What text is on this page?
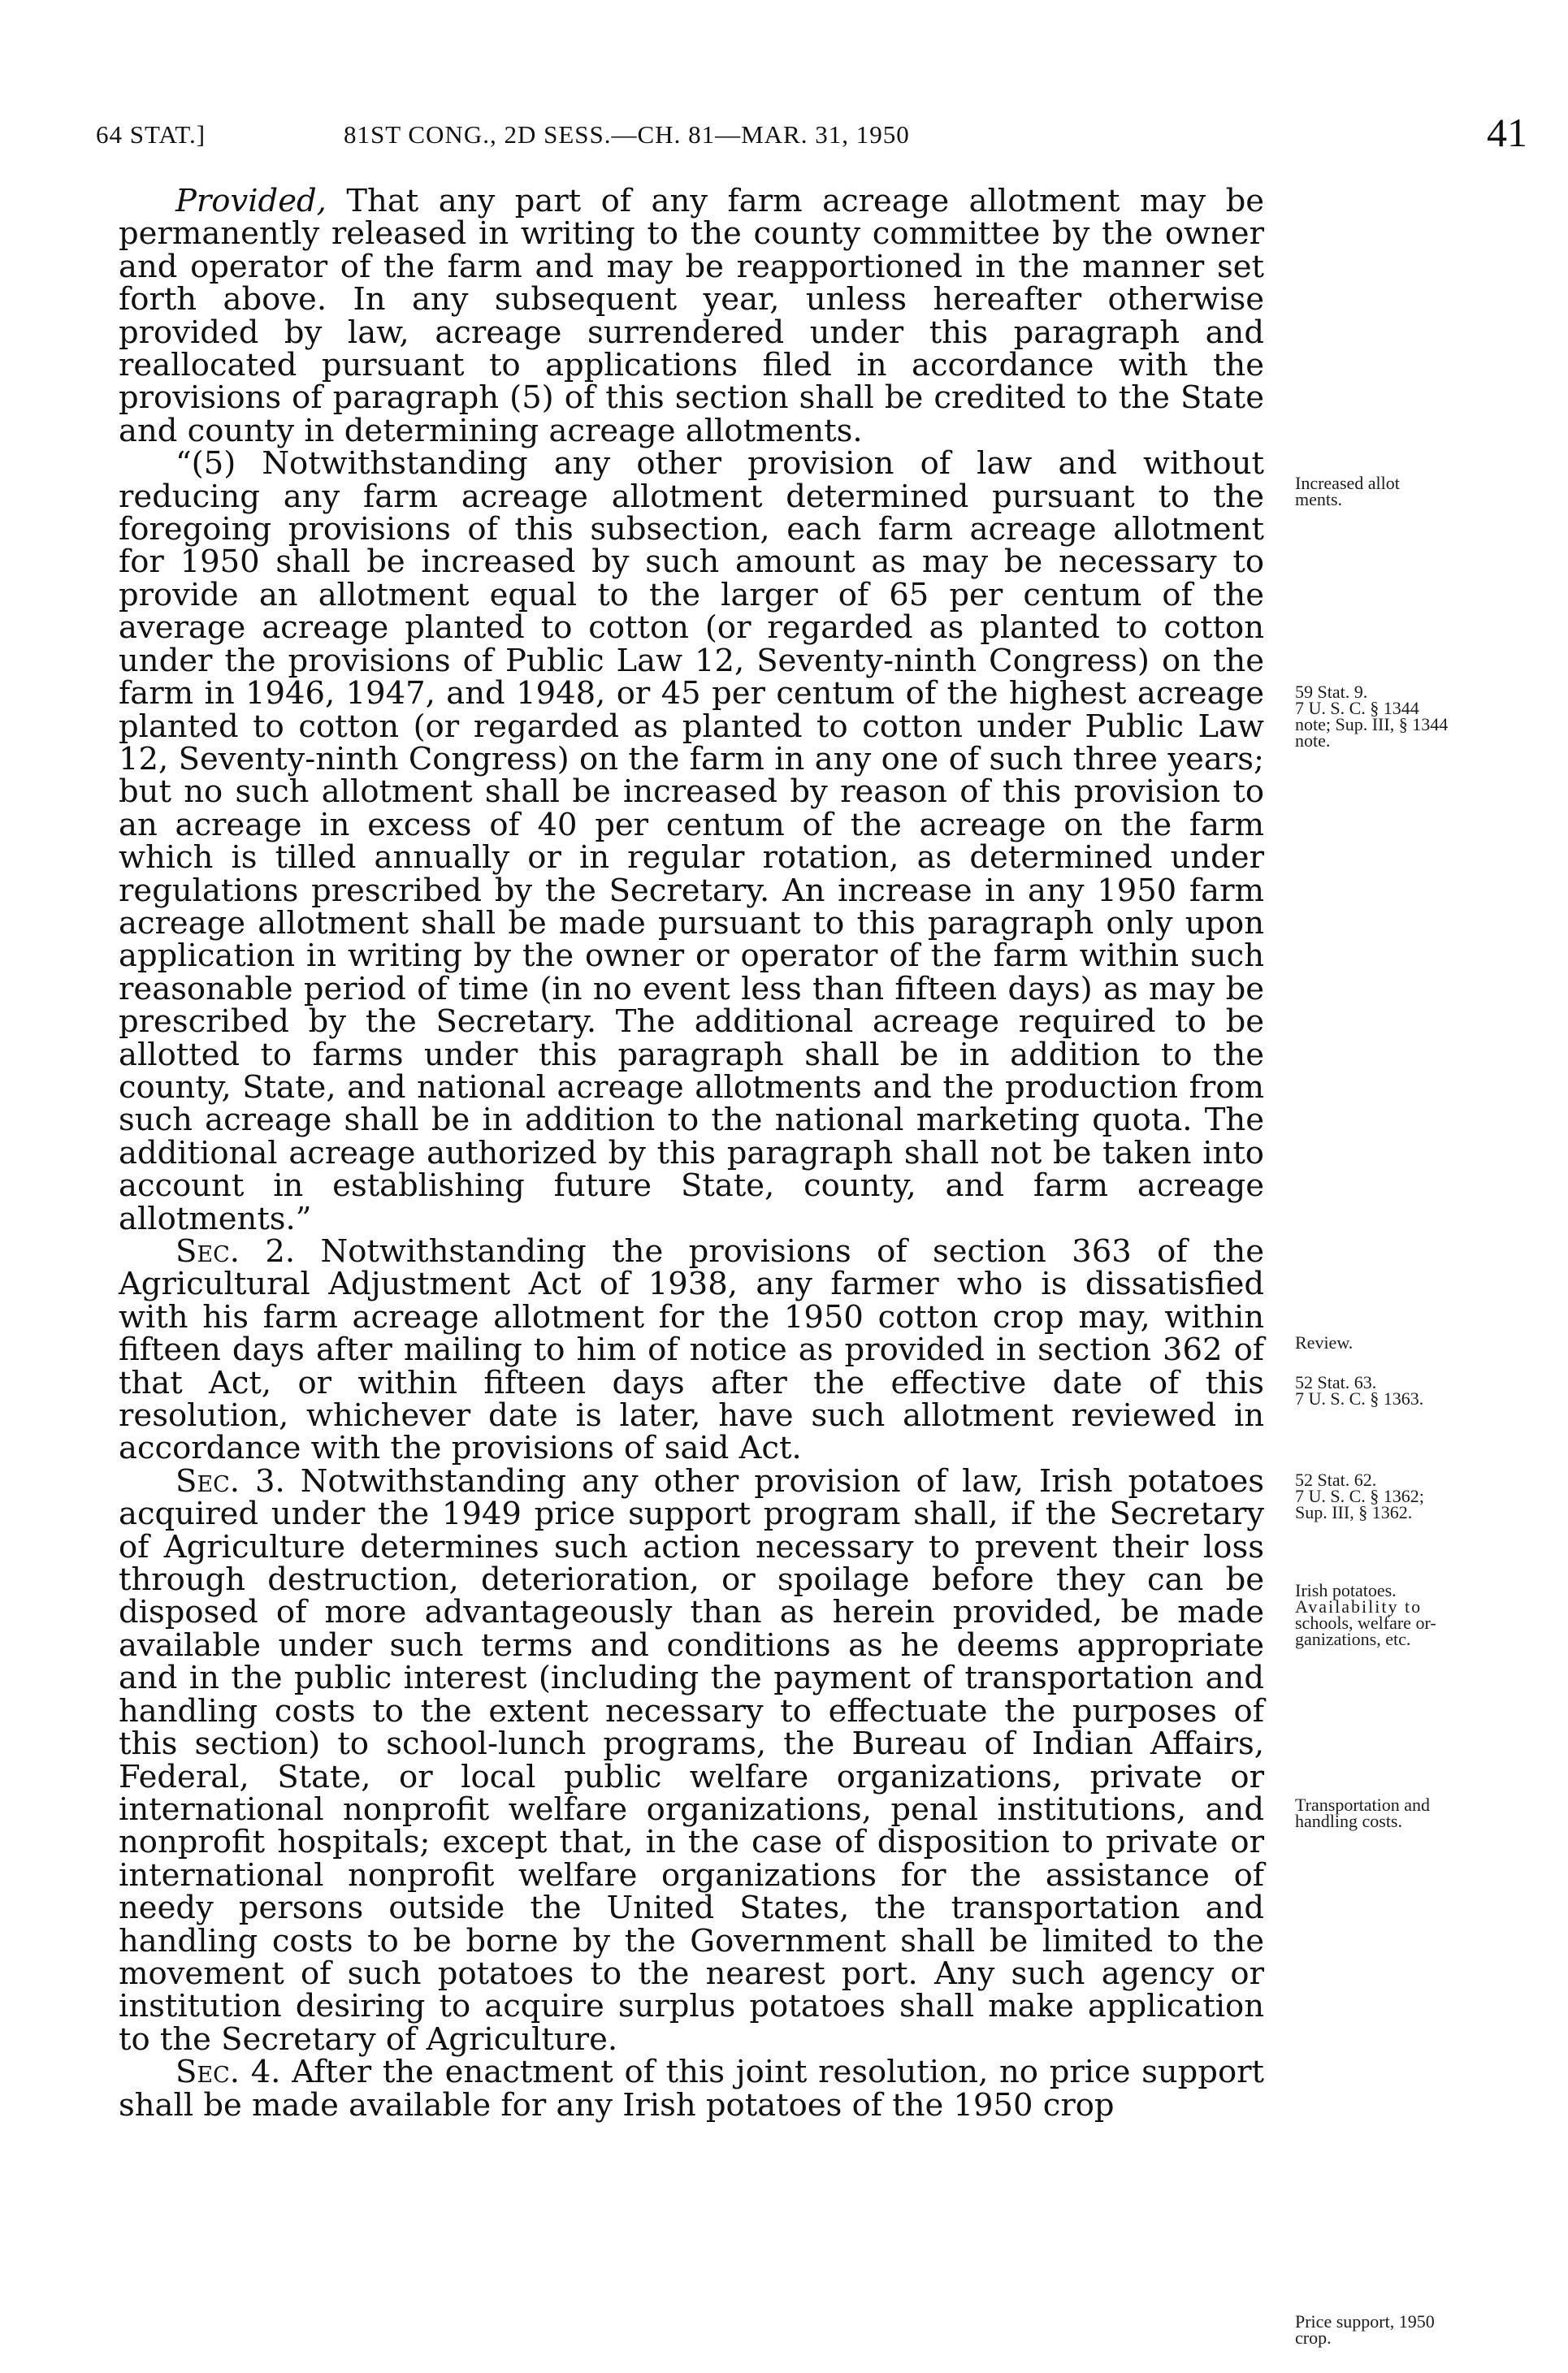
64 STAT.]	81ST CONG., 2D SESS.—CH. 81—MAR. 31, 1950	41

Provided, That any part of any farm acreage allotment may be permanently released in writing to the county committee by the owner and operator of the farm and may be reapportioned in the manner set forth above. In any subsequent year, unless hereafter otherwise provided by law, acreage surrendered under this paragraph and reallocated pursuant to applications filed in accordance with the provisions of paragraph (5) of this section shall be credited to the State and county in determining acreage allotments.

“(5) Notwithstanding any other provision of law and without reducing any farm acreage allotment determined pursuant to the foregoing provisions of this subsection, each farm acreage allotment for 1950 shall be increased by such amount as may be necessary to provide an allotment equal to the larger of 65 per centum of the average acreage planted to cotton (or regarded as planted to cotton under the provisions of Public Law 12, Seventy-ninth Congress) on the farm in 1946, 1947, and 1948, or 45 per centum of the highest acreage planted to cotton (or regarded as planted to cotton under Public Law 12, Seventy-ninth Congress) on the farm in any one of such three years; but no such allotment shall be increased by reason of this provision to an acreage in excess of 40 per centum of the acreage on the farm which is tilled annually or in regular rotation, as determined under regulations prescribed by the Secretary. An increase in any 1950 farm acreage allotment shall be made pursuant to this paragraph only upon application in writing by the owner or operator of the farm within such reasonable period of time (in no event less than fifteen days) as may be prescribed by the Secretary. The additional acreage required to be allotted to farms under this paragraph shall be in addition to the county, State, and national acreage allotments and the production from such acreage shall be in addition to the national marketing quota. The additional acreage authorized by this paragraph shall not be taken into account in establishing future State, county, and farm acreage allotments.”

Sec. 2. Notwithstanding the provisions of section 363 of the Agricultural Adjustment Act of 1938, any farmer who is dissatisfied with his farm acreage allotment for the 1950 cotton crop may, within fifteen days after mailing to him of notice as provided in section 362 of that Act, or within fifteen days after the effective date of this resolution, whichever date is later, have such allotment reviewed in accordance with the provisions of said Act.

Sec. 3. Notwithstanding any other provision of law, Irish potatoes acquired under the 1949 price support program shall, if the Secretary of Agriculture determines such action necessary to prevent their loss through destruction, deterioration, or spoilage before they can be disposed of more advantageously than as herein provided, be made available under such terms and conditions as he deems appropriate and in the public interest (including the payment of transportation and handling costs to the extent necessary to effectuate the purposes of this section) to school-lunch programs, the Bureau of Indian Affairs, Federal, State, or local public welfare organizations, private or international nonprofit welfare organizations, penal institutions, and nonprofit hospitals; except that, in the case of disposition to private or international nonprofit welfare organizations for the assistance of needy persons outside the United States, the transportation and handling costs to be borne by the Government shall be limited to the movement of such potatoes to the nearest port. Any such agency or institution desiring to acquire surplus potatoes shall make application to the Secretary of Agriculture.

Sec. 4. After the enactment of this joint resolution, no price support shall be made available for any Irish potatoes of the 1950 crop

Increased allot
ments.
59 Stat. 9.
7 U. S. C. § 1344
note; Sup. III, § 1344
note.
Review.
52 Stat. 63.
7 U. S. C. § 1363.
52 Stat. 62.
7 U. S. C. § 1362;
Sup. III, § 1362.
Irish potatoes.
Availability to
schools, welfare or-
ganizations, etc.
Transportation and
handling costs.
Price support, 1950
crop.
